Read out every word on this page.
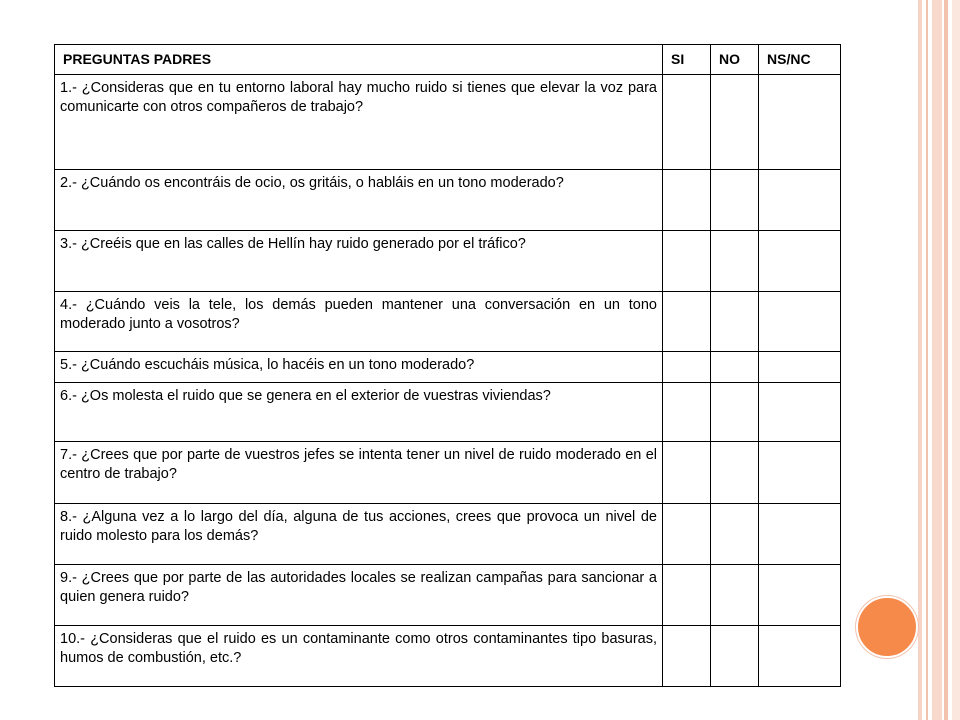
PREGUNTAS PADRES	SI	NO	NS/NC
1.- ¿Consideras que en tu entorno laboral hay mucho ruido si tienes que elevar la voz para comunicarte con otros compañeros de trabajo?			
2.- ¿Cuándo os encontráis de ocio, os gritáis, o habláis en un tono moderado?			
3.- ¿Creéis que en las calles de Hellín hay ruido generado por el tráfico?			
4.- ¿Cuándo veis la tele, los demás pueden mantener una conversación en un tono moderado junto a vosotros?			
5.- ¿Cuándo escucháis música, lo hacéis en un tono moderado?			
6.- ¿Os molesta el ruido que se genera en el exterior de vuestras viviendas?			
7.- ¿Crees que por parte de vuestros jefes se intenta tener un nivel de ruido moderado en el centro de trabajo?			
8.- ¿Alguna vez a lo largo del día, alguna de tus acciones, crees que provoca un nivel de ruido molesto para los demás?			
9.- ¿Crees que por parte de las autoridades locales se realizan campañas para sancionar a quien genera ruido?			
10.- ¿Consideras que el ruido es un contaminante como otros contaminantes tipo basuras, humos de combustión, etc.?			
